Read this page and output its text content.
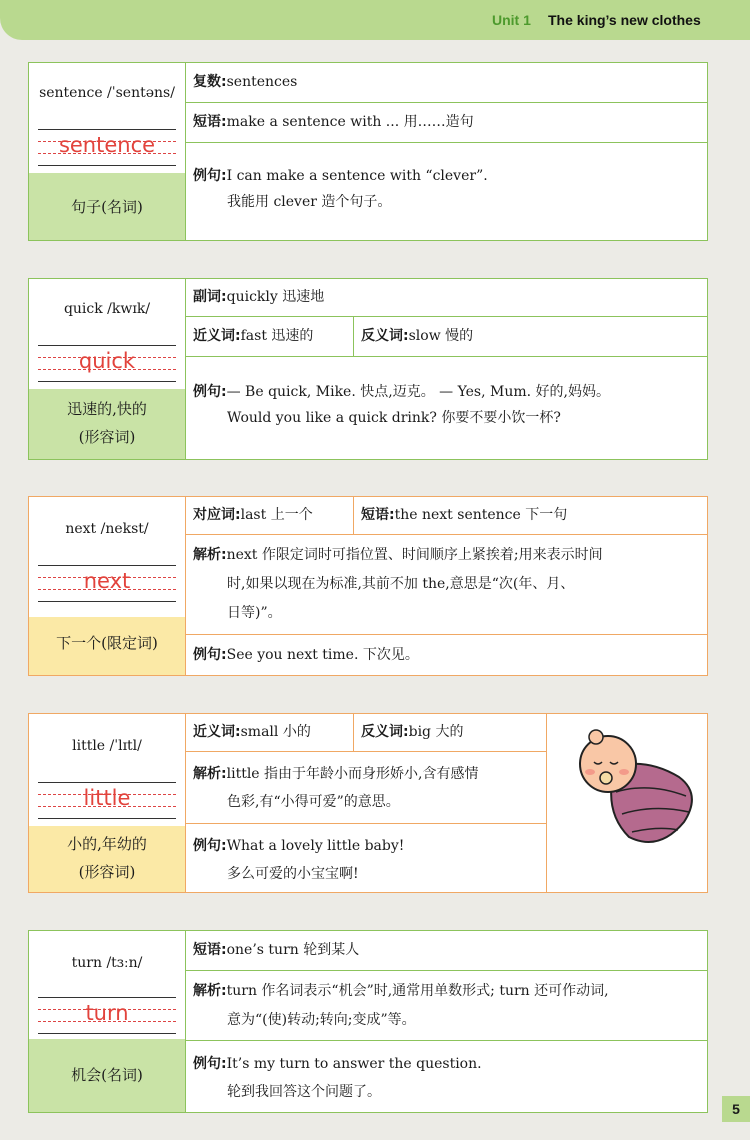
Unit 1 The king’s new clothes
sentence /ˈsentəns/
sentence
句子(名词)
复数:sentences
短语:make a sentence with ... 用……造句
例句:I can make a sentence with “clever”.
我能用 clever 造个句子。
quick /kwɪk/
quick
迅速的,快的
(形容词)
副词:quickly 迅速地
近义词:fast 迅速的	反义词:slow 慢的
例句:— Be quick, Mike. 快点,迈克。 — Yes, Mum. 好的,妈妈。
Would you like a quick drink? 你要不要小饮一杯?
next /nekst/
next
下一个(限定词)
对应词:last 上一个	短语:the next sentence 下一句
解析:next 作限定词时可指位置、时间顺序上紧挨着;用来表示时间
时,如果以现在为标准,其前不加 the,意思是“次(年、月、
日等)”。
例句:See you next time. 下次见。
little /ˈlɪtl/
little
小的,年幼的
(形容词)
近义词:small 小的	反义词:big 大的
解析:little 指由于年龄小而身形娇小,含有感情
色彩,有“小得可爱”的意思。
例句:What a lovely little baby!
多么可爱的小宝宝啊!
turn /tɜːn/
turn
机会(名词)
短语:one’s turn 轮到某人
解析:turn 作名词表示“机会”时,通常用单数形式; turn 还可作动词,
意为“(使)转动;转向;变成”等。
例句:It’s my turn to answer the question.
轮到我回答这个问题了。
5
